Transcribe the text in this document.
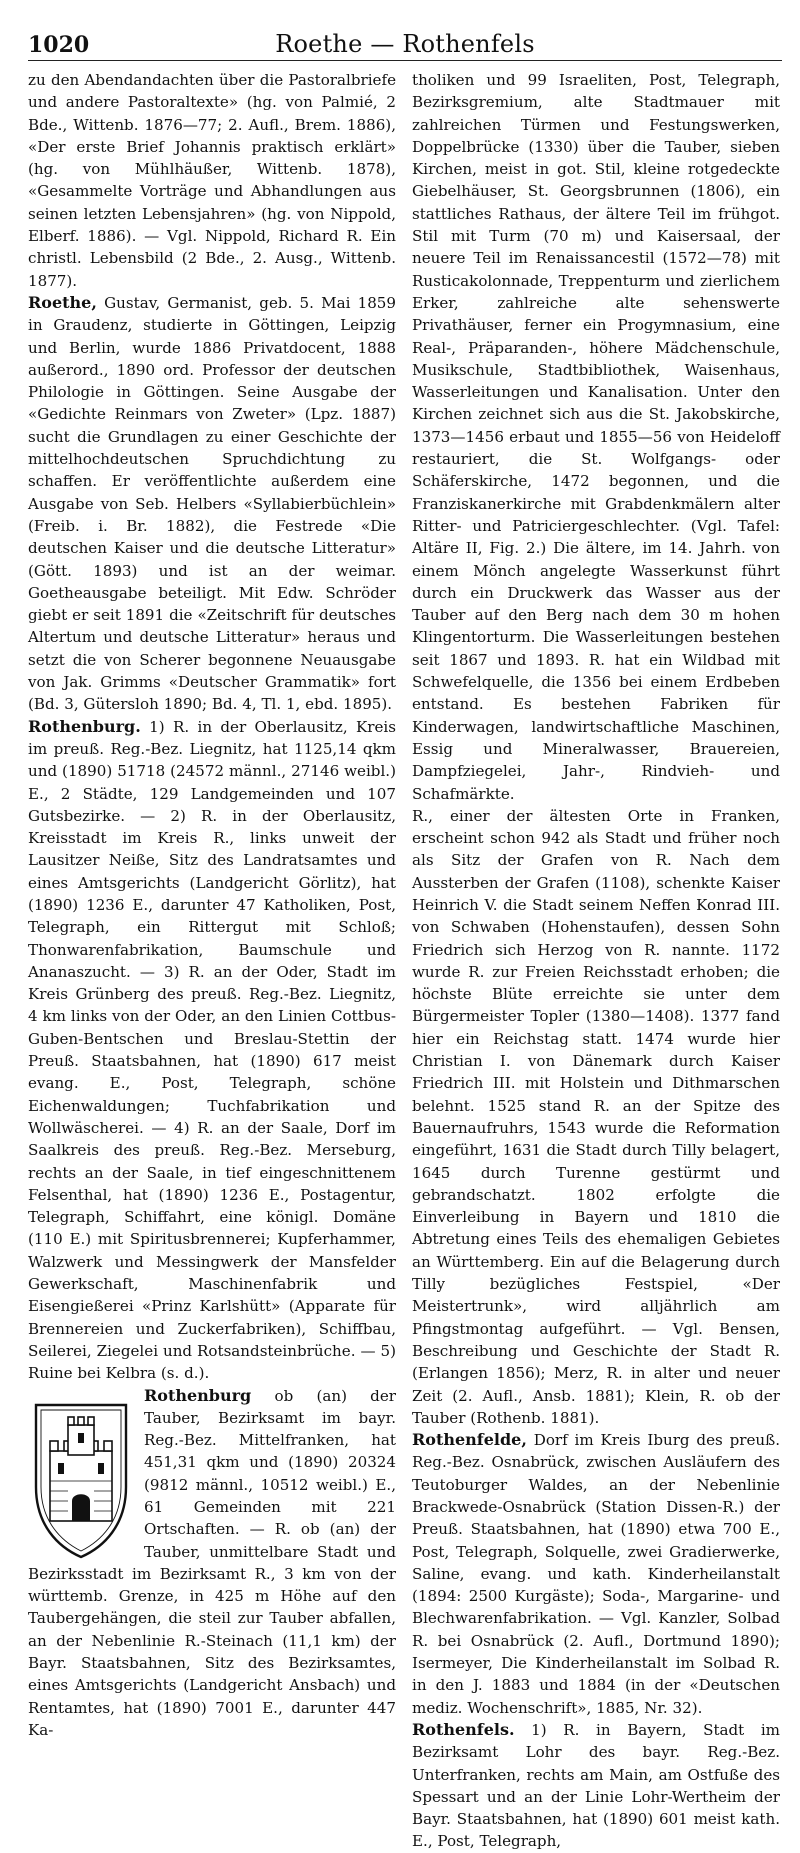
1020	Roethe — Rothenfels

zu den Abendandachten über die Pastoralbriefe und andere Pastoraltexte» (hg. von Palmié, 2 Bde., Wittenb. 1876—77; 2. Aufl., Brem. 1886), «Der erste Brief Johannis praktisch erklärt» (hg. von Mühlhäußer, Wittenb. 1878), «Gesammelte Vorträge und Abhandlungen aus seinen letzten Lebensjahren» (hg. von Nippold, Elberf. 1886). — Vgl. Nippold, Richard R. Ein christl. Lebensbild (2 Bde., 2. Ausg., Wittenb. 1877).

Roethe, Gustav, Germanist, geb. 5. Mai 1859 in Graudenz, studierte in Göttingen, Leipzig und Berlin, wurde 1886 Privatdocent, 1888 außerord., 1890 ord. Professor der deutschen Philologie in Göttingen. Seine Ausgabe der «Gedichte Reinmars von Zweter» (Lpz. 1887) sucht die Grundlagen zu einer Geschichte der mittelhochdeutschen Spruchdichtung zu schaffen. Er veröffentlichte außerdem eine Ausgabe von Seb. Helbers «Syllabierbüchlein» (Freib. i. Br. 1882), die Festrede «Die deutschen Kaiser und die deutsche Litteratur» (Gött. 1893) und ist an der weimar. Goetheausgabe beteiligt. Mit Edw. Schröder giebt er seit 1891 die «Zeitschrift für deutsches Altertum und deutsche Litteratur» heraus und setzt die von Scherer begonnene Neuausgabe von Jak. Grimms «Deutscher Grammatik» fort (Bd. 3, Gütersloh 1890; Bd. 4, Tl. 1, ebd. 1895).

Rothenburg. 1) R. in der Oberlausitz, Kreis im preuß. Reg.-Bez. Liegnitz, hat 1125,14 qkm und (1890) 51718 (24572 männl., 27146 weibl.) E., 2 Städte, 129 Landgemeinden und 107 Gutsbezirke. — 2) R. in der Oberlausitz, Kreisstadt im Kreis R., links unweit der Lausitzer Neiße, Sitz des Landratsamtes und eines Amtsgerichts (Landgericht Görlitz), hat (1890) 1236 E., darunter 47 Katholiken, Post, Telegraph, ein Rittergut mit Schloß; Thonwarenfabrikation, Baumschule und Ananaszucht. — 3) R. an der Oder, Stadt im Kreis Grünberg des preuß. Reg.-Bez. Liegnitz, 4 km links von der Oder, an den Linien Cottbus-Guben-Bentschen und Breslau-Stettin der Preuß. Staatsbahnen, hat (1890) 617 meist evang. E., Post, Telegraph, schöne Eichenwaldungen; Tuchfabrikation und Wollwäscherei. — 4) R. an der Saale, Dorf im Saalkreis des preuß. Reg.-Bez. Merseburg, rechts an der Saale, in tief eingeschnittenem Felsenthal, hat (1890) 1236 E., Postagentur, Telegraph, Schiffahrt, eine königl. Domäne (110 E.) mit Spiritusbrennerei; Kupferhammer, Walzwerk und Messingwerk der Mansfelder Gewerkschaft, Maschinenfabrik und Eisengießerei «Prinz Karlshütt» (Apparate für Brennereien und Zuckerfabriken), Schiffbau, Seilerei, Ziegelei und Rotsandsteinbrüche. — 5) Ruine bei Kelbra (s. d.).

Rothenburg
ob (an) der Tauber, Bezirksamt im bayr. Reg.-Bez. Mittelfranken, hat 451,31 qkm und (1890) 20324 (9812 männl., 10512 weibl.) E., 61 Gemeinden mit 221 Ortschaften. — R. ob (an) der Tauber, unmittelbare Stadt und Bezirksstadt im Bezirksamt R., 3 km von der württemb. Grenze, in 425 m Höhe auf den Taubergehängen, die steil zur Tauber abfallen, an der Nebenlinie R.-Steinach (11,1 km) der Bayr. Staatsbahnen, Sitz des Bezirksamtes, eines Amtsgerichts (Landgericht Ansbach) und Rentamtes, hat (1890) 7001 E., darunter 447 Ka-

tholiken und 99 Israeliten, Post, Telegraph, Bezirksgremium, alte Stadtmauer mit zahlreichen Türmen und Festungswerken, Doppelbrücke (1330) über die Tauber, sieben Kirchen, meist in got. Stil, kleine rotgedeckte Giebelhäuser, St. Georgsbrunnen (1806), ein stattliches Rathaus, der ältere Teil im frühgot. Stil mit Turm (70 m) und Kaisersaal, der neuere Teil im Renaissancestil (1572—78) mit Rusticakolonnade, Treppenturm und zierlichem Erker, zahlreiche alte sehenswerte Privathäuser, ferner ein Progymnasium, eine Real-, Präparanden-, höhere Mädchenschule, Musikschule, Stadtbibliothek, Waisenhaus, Wasserleitungen und Kanalisation. Unter den Kirchen zeichnet sich aus die St. Jakobskirche, 1373—1456 erbaut und 1855—56 von Heideloff restauriert, die St. Wolfgangs- oder Schäferskirche, 1472 begonnen, und die Franziskanerkirche mit Grabdenkmälern alter Ritter- und Patriciergeschlechter. (Vgl. Tafel: Altäre II, Fig. 2.) Die ältere, im 14. Jahrh. von einem Mönch angelegte Wasserkunst führt durch ein Druckwerk das Wasser aus der Tauber auf den Berg nach dem 30 m hohen Klingentorturm. Die Wasserleitungen bestehen seit 1867 und 1893. R. hat ein Wildbad mit Schwefelquelle, die 1356 bei einem Erdbeben entstand. Es bestehen Fabriken für Kinderwagen, landwirtschaftliche Maschinen, Essig und Mineralwasser, Brauereien, Dampfziegelei, Jahr-, Rindvieh- und Schafmärkte.

R., einer der ältesten Orte in Franken, erscheint schon 942 als Stadt und früher noch als Sitz der Grafen von R. Nach dem Aussterben der Grafen (1108), schenkte Kaiser Heinrich V. die Stadt seinem Neffen Konrad III. von Schwaben (Hohenstaufen), dessen Sohn Friedrich sich Herzog von R. nannte. 1172 wurde R. zur Freien Reichsstadt erhoben; die höchste Blüte erreichte sie unter dem Bürgermeister Topler (1380—1408). 1377 fand hier ein Reichstag statt. 1474 wurde hier Christian I. von Dänemark durch Kaiser Friedrich III. mit Holstein und Dithmarschen belehnt. 1525 stand R. an der Spitze des Bauernaufruhrs, 1543 wurde die Reformation eingeführt, 1631 die Stadt durch Tilly belagert, 1645 durch Turenne gestürmt und gebrandschatzt. 1802 erfolgte die Einverleibung in Bayern und 1810 die Abtretung eines Teils des ehemaligen Gebietes an Württemberg. Ein auf die Belagerung durch Tilly bezügliches Festspiel, «Der Meistertrunk», wird alljährlich am Pfingstmontag aufgeführt. — Vgl. Bensen, Beschreibung und Geschichte der Stadt R. (Erlangen 1856); Merz, R. in alter und neuer Zeit (2. Aufl., Ansb. 1881); Klein, R. ob der Tauber (Rothenb. 1881).

Rothenfelde, Dorf im Kreis Iburg des preuß. Reg.-Bez. Osnabrück, zwischen Ausläufern des Teutoburger Waldes, an der Nebenlinie Brackwede-Osnabrück (Station Dissen-R.) der Preuß. Staatsbahnen, hat (1890) etwa 700 E., Post, Telegraph, Solquelle, zwei Gradierwerke, Saline, evang. und kath. Kinderheilanstalt (1894: 2500 Kurgäste); Soda-, Margarine- und Blechwarenfabrikation. — Vgl. Kanzler, Solbad R. bei Osnabrück (2. Aufl., Dortmund 1890); Isermeyer, Die Kinderheilanstalt im Solbad R. in den J. 1883 und 1884 (in der «Deutschen mediz. Wochenschrift», 1885, Nr. 32).

Rothenfels. 1) R. in Bayern, Stadt im Bezirksamt Lohr des bayr. Reg.-Bez. Unterfranken, rechts am Main, am Ostfuße des Spessart und an der Linie Lohr-Wertheim der Bayr. Staatsbahnen, hat (1890) 601 meist kath. E., Post, Telegraph,
